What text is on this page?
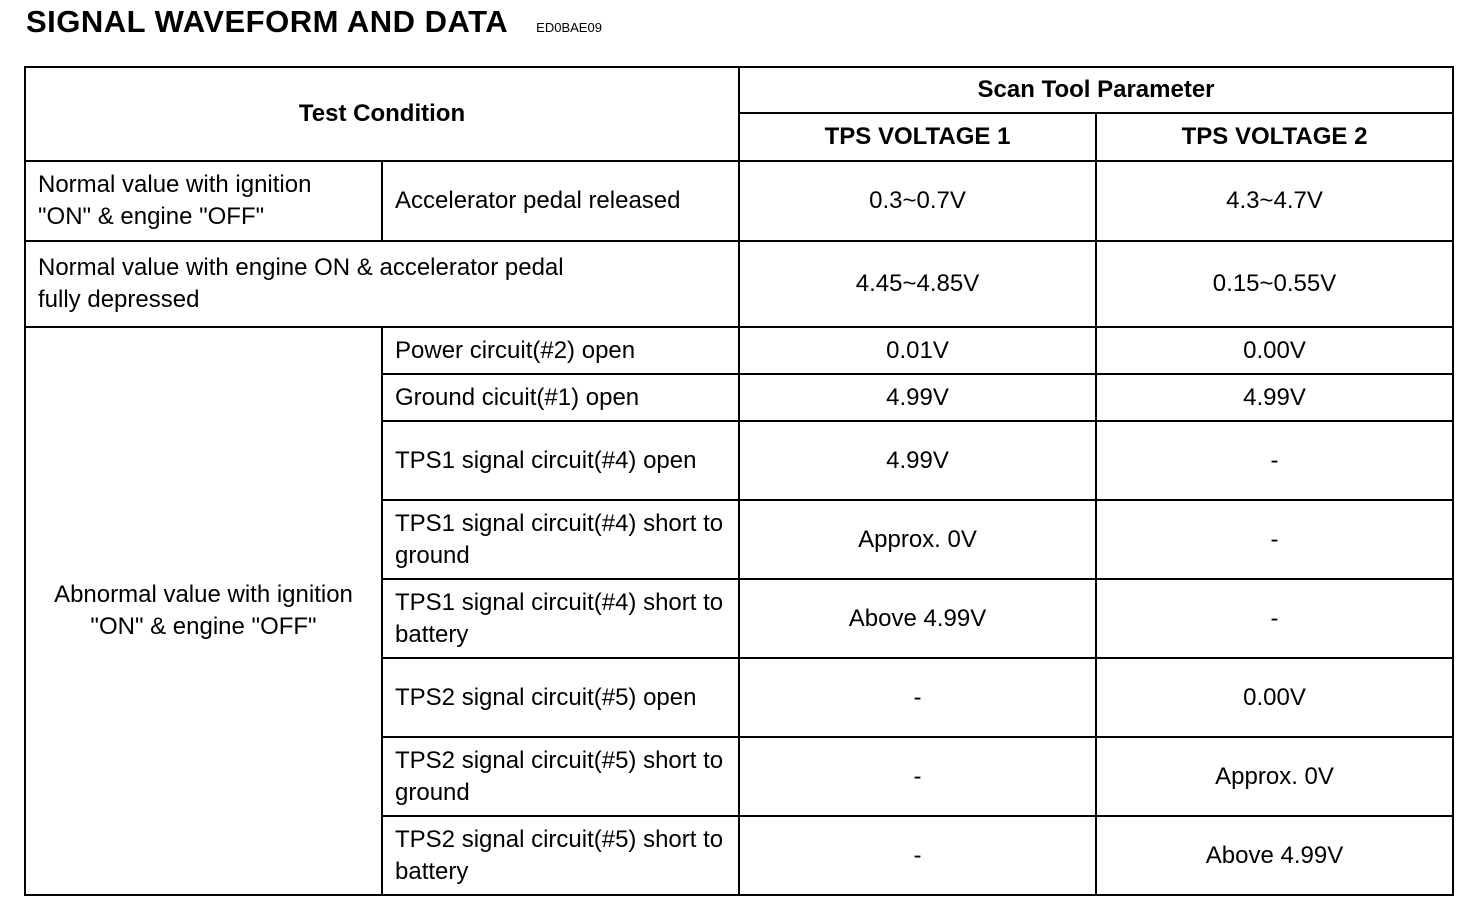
SIGNAL WAVEFORM AND DATA ED0BAE09
Test Condition		Scan Tool Parameter	
		TPS VOLTAGE 1	TPS VOLTAGE 2
Normal value with ignition "ON" & engine "OFF"	Accelerator pedal released	0.3~0.7V	4.3~4.7V
Normal value with engine ON & accelerator pedal fully depressed		4.45~4.85V	0.15~0.55V
Abnormal value with ignition "ON" & engine "OFF"	Power circuit(#2) open	0.01V	0.00V
	Ground cicuit(#1) open	4.99V	4.99V
	TPS1 signal circuit(#4) open	4.99V	-
	TPS1 signal circuit(#4) short to ground	Approx. 0V	-
	TPS1 signal circuit(#4) short to battery	Above 4.99V	-
	TPS2 signal circuit(#5) open	-	0.00V
	TPS2 signal circuit(#5) short to ground	-	Approx. 0V
	TPS2 signal circuit(#5) short to battery	-	Above 4.99V
